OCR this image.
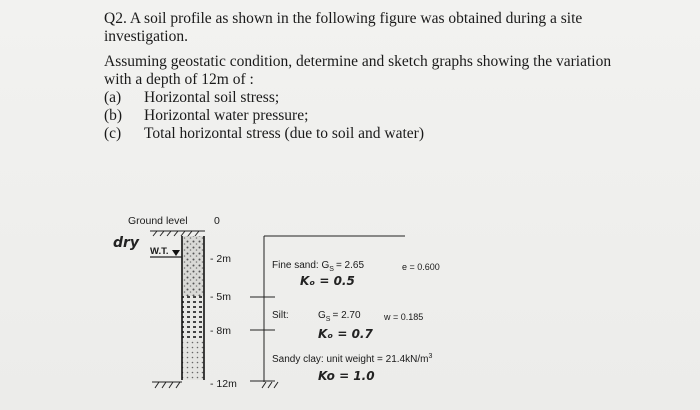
Q2. A soil profile as shown in the following figure was obtained during a site
investigation.
Assuming geostatic condition, determine and sketch graphs showing the variation
with a depth of 12m of :
(a) Horizontal soil stress;
(b) Horizontal water pressure;
(c) Total horizontal stress (due to soil and water)
Ground level	0
dry
W.T.
- 2m
- 5m
- 8m
- 12m
Fine sand: $G_S = 2.65$	e = 0.600
Kₒ = 0.5
Silt:	$G_S = 2.70$	w = 0.185
Kₒ = 0.7
Sandy clay: unit weight = $21.4kN/m^3$
Ko = 1.0
